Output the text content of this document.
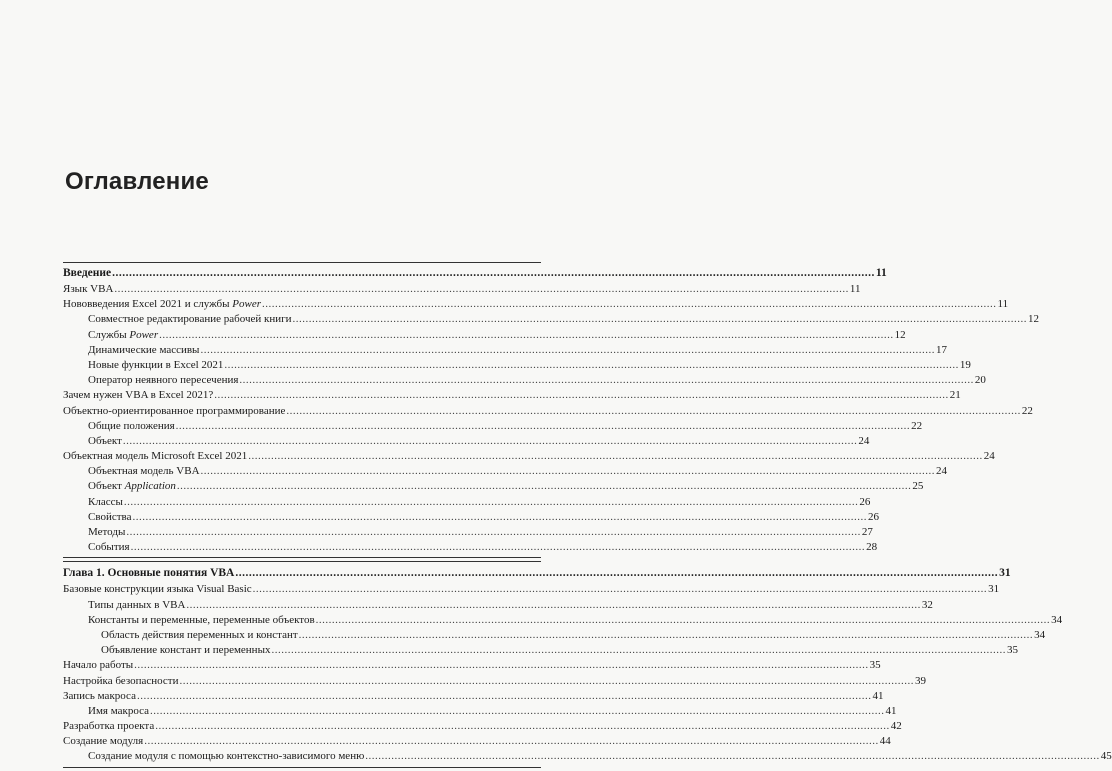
Оглавление
Введение .....	11
Язык VBA .....	11
Нововведения Excel 2021 и службы Power .....	11
Совместное редактирование рабочей книги .....	12
Службы Power .....	12
Динамические массивы .....	17
Новые функции в Excel 2021 .....	19
Оператор неявного пересечения .....	20
Зачем нужен VBA в Excel 2021? .....	21
Объектно-ориентированное программирование .....	22
Общие положения .....	22
Объект .....	24
Объектная модель Microsoft Excel 2021 .....	24
Объектная модель VBA .....	24
Объект Application .....	25
Классы .....	26
Свойства .....	26
Методы .....	27
События .....	28
Глава 1. Основные понятия VBA .....	31
Базовые конструкции языка Visual Basic .....	31
Типы данных в VBA .....	32
Константы и переменные, переменные объектов .....	34
Область действия переменных и констант .....	34
Объявление констант и переменных .....	35
Начало работы .....	35
Настройка безопасности .....	39
Запись макроса .....	41
Имя макроса .....	41
Разработка проекта .....	42
Создание модуля .....	44
Создание модуля с помощью контекстно-зависимого меню .....	45
